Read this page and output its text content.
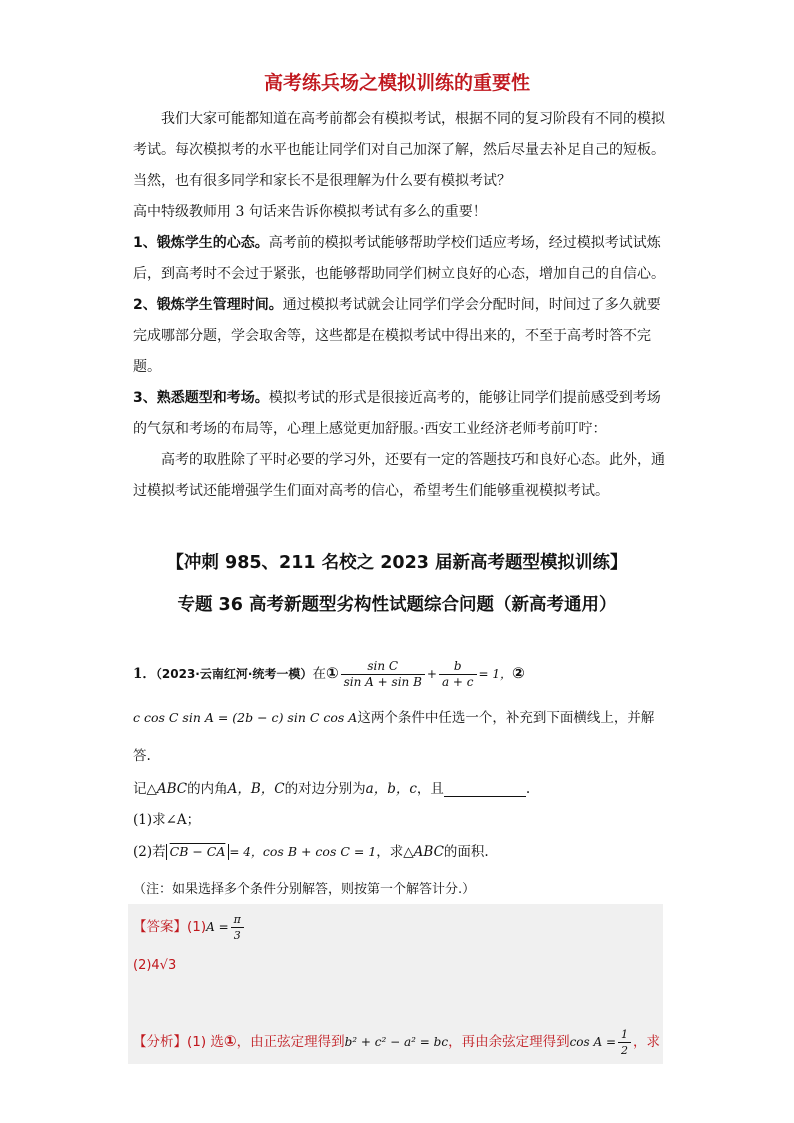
高考练兵场之模拟训练的重要性

我们大家可能都知道在高考前都会有模拟考试，根据不同的复习阶段有不同的模拟

考试。每次模拟考的水平也能让同学们对自己加深了解，然后尽量去补足自己的短板。

当然，也有很多同学和家长不是很理解为什么要有模拟考试？

高中特级教师用 3 句话来告诉你模拟考试有多么的重要！

1、锻炼学生的心态。高考前的模拟考试能够帮助学校们适应考场，经过模拟考试试炼

后，到高考时不会过于紧张，也能够帮助同学们树立良好的心态，增加自己的自信心。

2、锻炼学生管理时间。通过模拟考试就会让同学们学会分配时间，时间过了多久就要

完成哪部分题，学会取舍等，这些都是在模拟考试中得出来的，不至于高考时答不完题。

3、熟悉题型和考场。模拟考试的形式是很接近高考的，能够让同学们提前感受到考场

的气氛和考场的布局等，心理上感觉更加舒服。·西安工业经济老师考前叮咛：

高考的取胜除了平时必要的学习外，还要有一定的答题技巧和良好心态。此外，通

过模拟考试还能增强学生们面对高考的信心，希望考生们能够重视模拟考试。

【冲刺 985、211 名校之 2023 届新高考题型模拟训练】
专题 36 高考新题型劣构性试题综合问题（新高考通用）
1．（2023·云南红河·统考一模）在① $\frac{\text{sin C}}{\text{sin A + sin B}} + \frac{b}{a + c} = 1$，②
c cos C sin A = (2b − c) sin C cos A这两个条件中任选一个，补充到下面横线上，并解
答.
记△ABC的内角A，B，C的对边分别为a，b，c，且	.
(1)求∠A；
(2)若 CB − CA = 4，cos B + cos C = 1，求△ABC的面积.
（注：如果选择多个条件分别解答，则按第一个解答计分.）
【答案】$(1)A = \frac{\pi}{3}$
(2)4√3
【分析】(1) 选①，由正弦定理得到b² + c² − a² = bc，再由余弦定理得到$\cos A = \frac{1}{2}$ ，求
